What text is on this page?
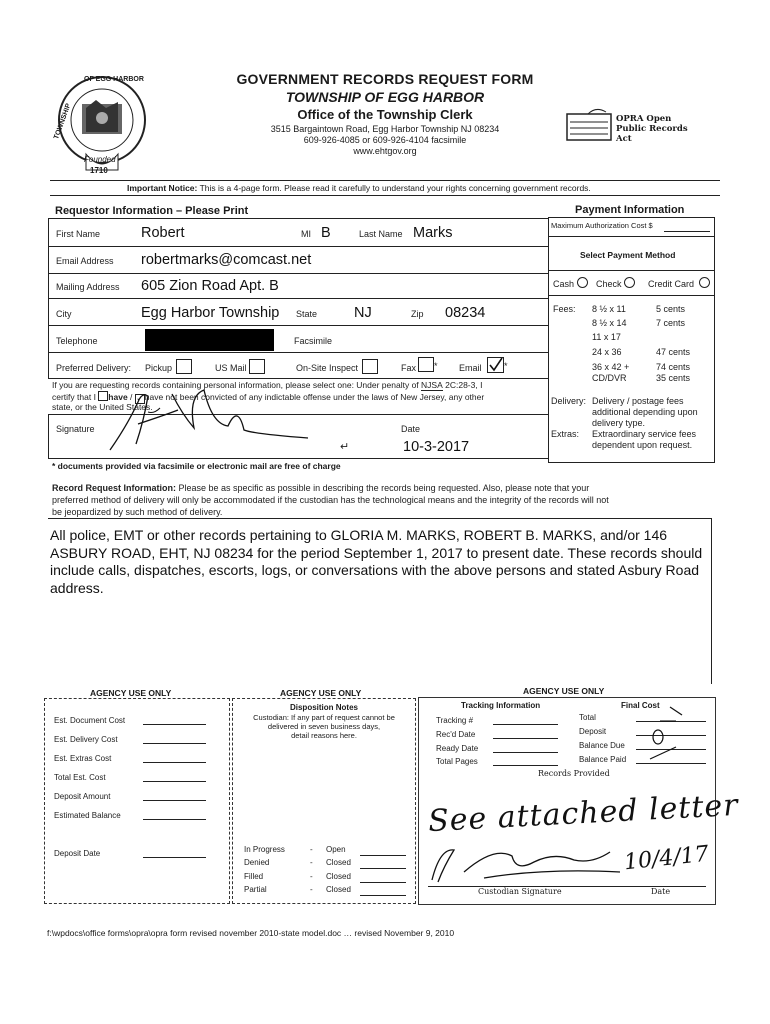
OF EGG HARBOR
TOWNSHIP
Founded
1710
GOVERNMENT RECORDS REQUEST FORM
TOWNSHIP OF EGG HARBOR
Office of the Township Clerk
3515 Bargaintown Road, Egg Harbor Township NJ 08234
609-926-4085 or 609-926-4104 facsimile
www.ehtgov.org
OPRA Open Public Records Act
Important Notice: This is a 4-page form. Please read it carefully to understand your rights concerning government records.
Requestor Information – Please Print	Payment Information
First Name	Robert	MI B	Last Name Marks
Email Address robertmarks@comcast.net
Mailing Address 605 Zion Road Apt. B
City	Egg Harbor Township State	NJ	Zip 08234
Telephone	Facsimile
Preferred Delivery: Pickup	US Mail	On-Site Inspect	Fax * Email *
If you are requesting records containing personal information, please select one: Under penalty of NJSA 2C:28-3, I
certify that I have / ✓ have not been convicted of any indictable offense under the laws of New Jersey, any other
state, or the United States.
Signature	Date
↵	10-3-2017
* documents provided via facsimile or electronic mail are free of charge
Maximum Authorization Cost $
Select Payment Method
Cash Check	Credit Card
Fees: 8 ½ x 11	5 cents
8 ½ x 14	7 cents
11 x 17
24 x 36	47 cents
36 x 42 +	74 cents
CD/DVR	35 cents
Delivery: Delivery / postage fees
additional depending upon
delivery type.
Extras: Extraordinary service fees
dependent upon request.
Record Request Information: Please be as specific as possible in describing the records being requested. Also, please note that your
preferred method of delivery will only be accommodated if the custodian has the technological means and the integrity of the records will not
be jeopardized by such method of delivery.
All police, EMT or other records pertaining to GLORIA M. MARKS, ROBERT B. MARKS, and/or 146 ASBURY ROAD, EHT, NJ 08234 for the period September 1, 2017 to present date. These records should include calls, dispatches, escorts, logs, or conversations with the above persons and stated Asbury Road address.
AGENCY USE ONLY	AGENCY USE ONLY	AGENCY USE ONLY
Est. Document Cost
Est. Delivery Cost
Est. Extras Cost
Total Est. Cost
Deposit Amount
Estimated Balance
Deposit Date
Disposition Notes
Custodian: If any part of request cannot be
delivered in seven business days,
detail reasons here.
In Progress	- Open
Denied	- Closed
Filled	- Closed
Partial	- Closed
Tracking Information	Final Cost
Tracking #
Rec'd Date
Ready Date
Total Pages
Total
Deposit
Balance Due
Balance Paid
Records Provided
See attached letter
10/4/17
Custodian Signature	Date
f:\wpdocs\office forms\opra\opra form revised november 2010-state model.doc … revised November 9, 2010
